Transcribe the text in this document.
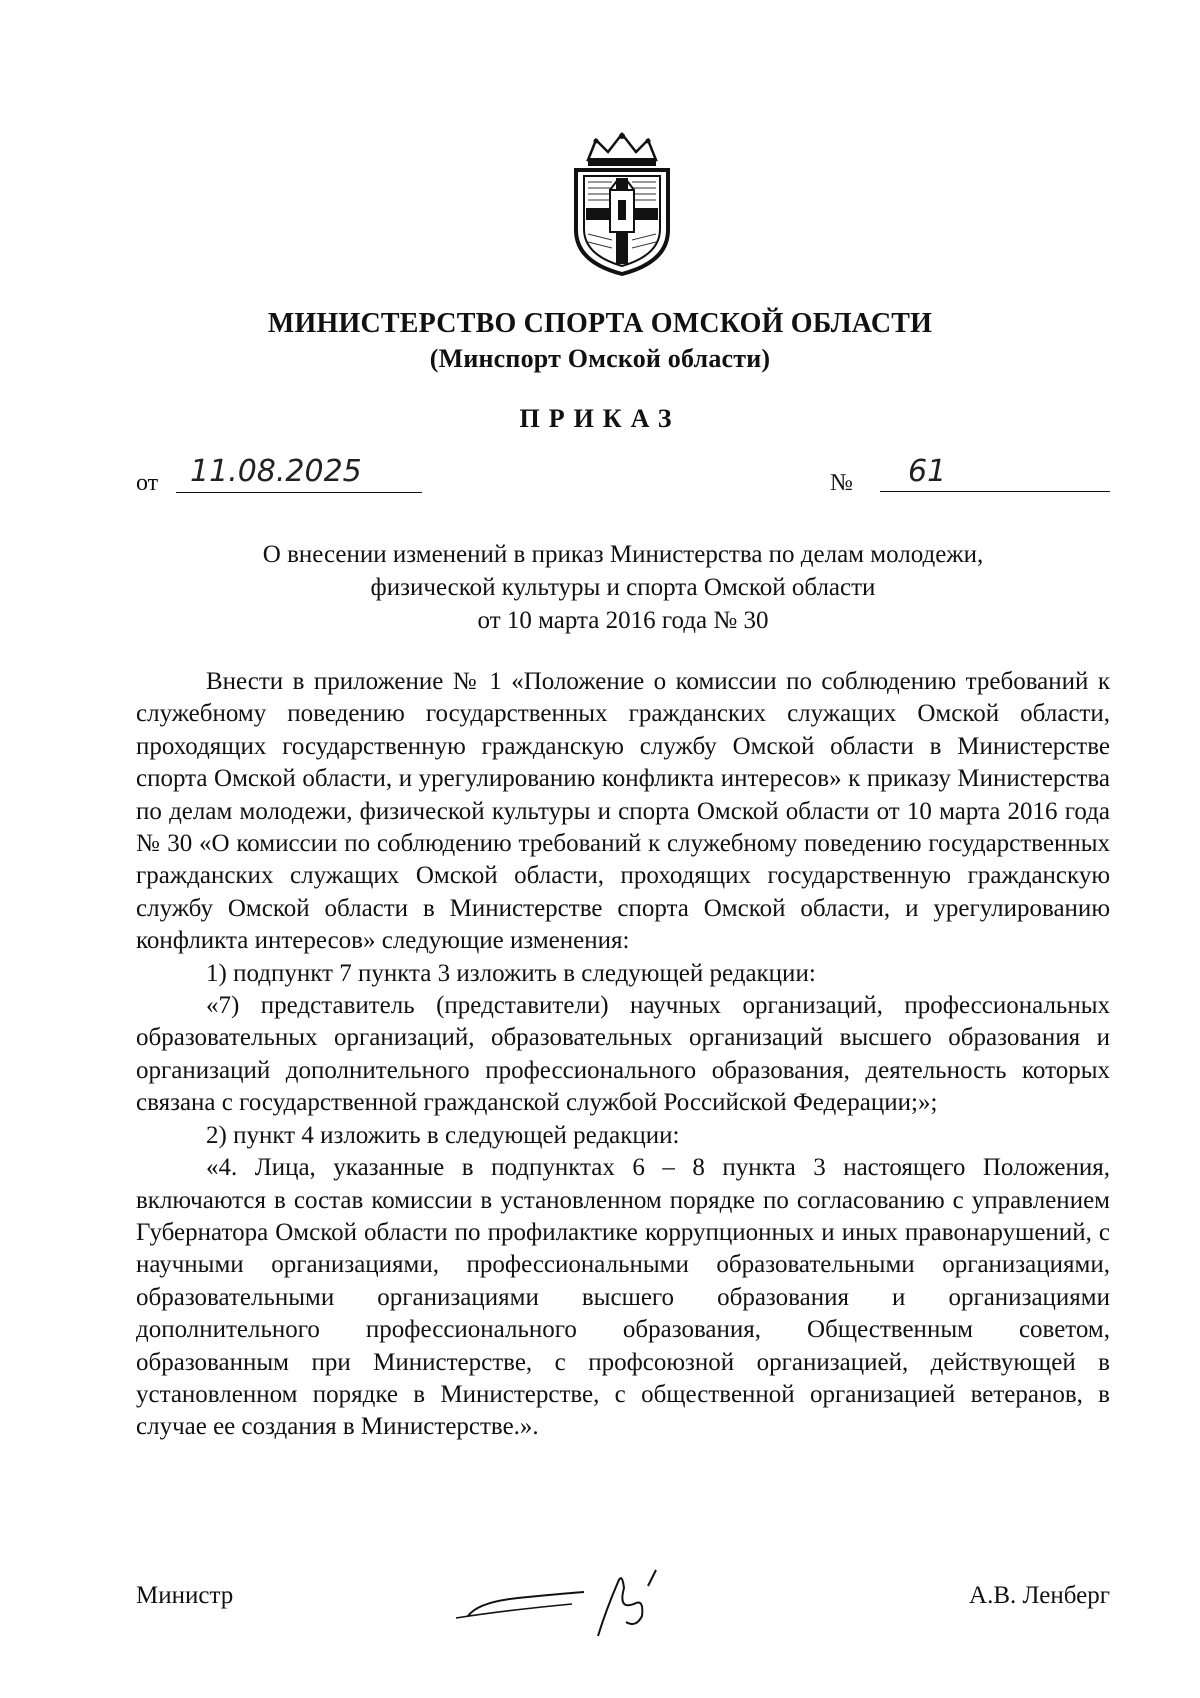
МИНИСТЕРСТВО СПОРТА ОМСКОЙ ОБЛАСТИ
(Минспорт Омской области)
ПРИКАЗ
от	11.08.2025	№	61
О внесении изменений в приказ Министерства по делам молодежи,
физической культуры и спорта Омской области
от 10 марта 2016 года № 30

Внести в приложение № 1 «Положение о комиссии по соблюдению требований к служебному поведению государственных гражданских служащих Омской области, проходящих государственную гражданскую службу Омской области в Министерстве спорта Омской области, и урегулированию конфликта интересов» к приказу Министерства по делам молодежи, физической культуры и спорта Омской области от 10 марта 2016 года № 30 «О комиссии по соблюдению требований к служебному поведению государственных гражданских служащих Омской области, проходящих государственную гражданскую службу Омской области в Министерстве спорта Омской области, и урегулированию конфликта интересов» следующие изменения:

1) подпункт 7 пункта 3 изложить в следующей редакции:

«7) представитель (представители) научных организаций, профессиональных образовательных организаций, образовательных организаций высшего образования и организаций дополнительного профессионального образования, деятельность которых связана с государственной гражданской службой Российской Федерации;»;

2) пункт 4 изложить в следующей редакции:

«4. Лица, указанные в подпунктах 6 – 8 пункта 3 настоящего Положения, включаются в состав комиссии в установленном порядке по согласованию с управлением Губернатора Омской области по профилактике коррупционных и иных правонарушений, с научными организациями, профессиональными образовательными организациями, образовательными организациями высшего образования и организациями дополнительного профессионального образования, Общественным советом, образованным при Министерстве, с профсоюзной организацией, действующей в установленном порядке в Министерстве, с общественной организацией ветеранов, в случае ее создания в Министерстве.».

Министр	А.В. Ленберг
